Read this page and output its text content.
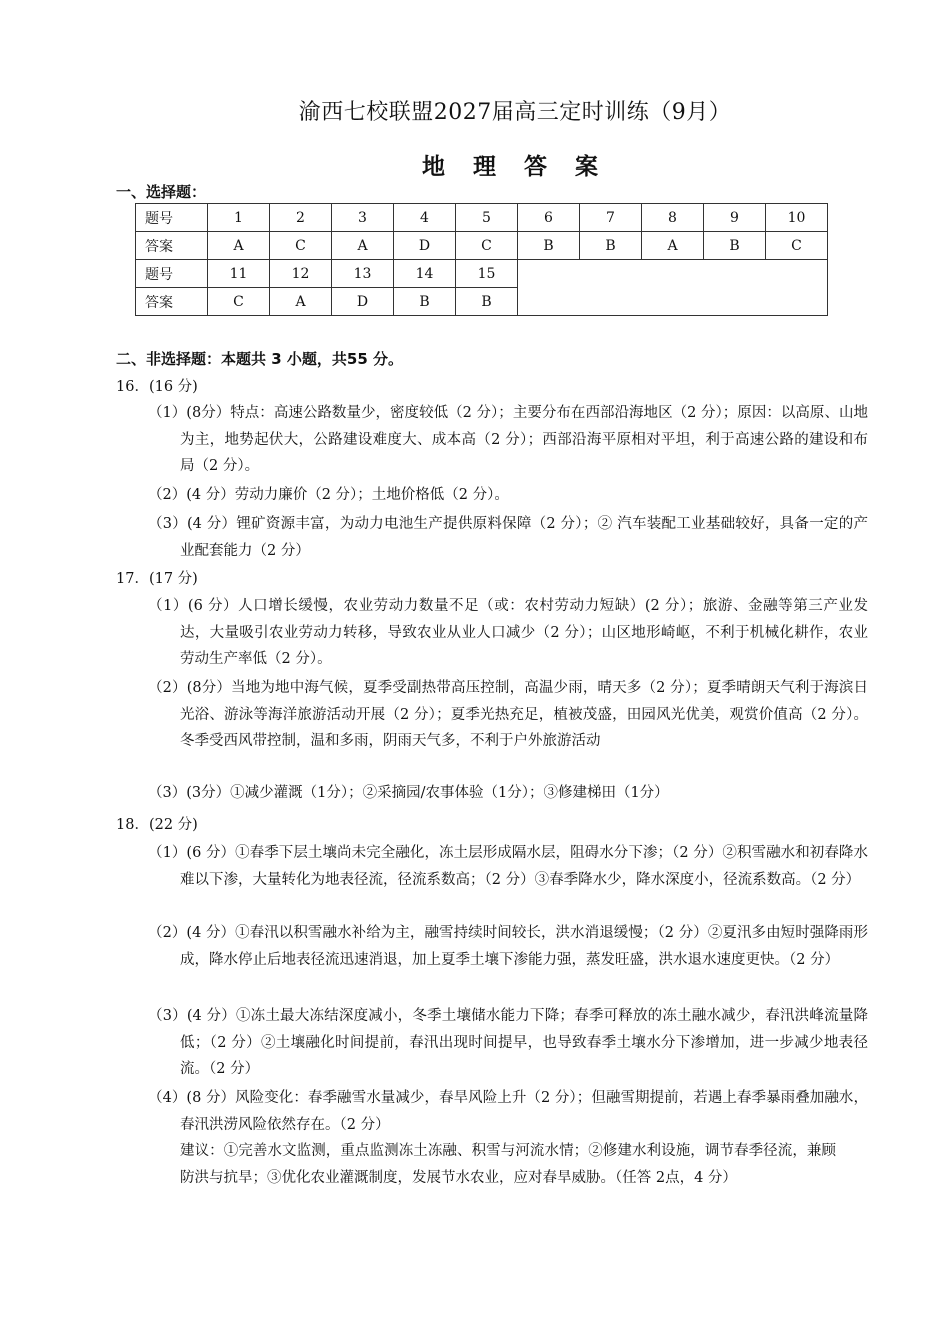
渝西七校联盟2027届高三定时训练（9月）
地 理 答 案
一、选择题：
题号	1	2	3	4	5	6	7	8	9	10
答案	A	C	A	D	C	B	B	A	B	C
题号	11	12	13	14	15					
答案	C	A	D	B	B					
二、非选择题：本题共 3 小题，共55 分。
16．(16 分)
（1）(8分）特点：高速公路数量少，密度较低（2 分）；主要分布在西部沿海地区（2 分）；原因：以高原、山地为主，地势起伏大，公路建设难度大、成本高（2 分）；西部沿海平原相对平坦，利于高速公路的建设和布局（2 分）。
（2）(4 分）劳动力廉价（2 分）；土地价格低（2 分）。
（3）(4 分）锂矿资源丰富，为动力电池生产提供原料保障（2 分）；② 汽车装配工业基础较好，具备一定的产业配套能力（2 分）
17．(17 分)
（1）(6 分）人口增长缓慢，农业劳动力数量不足（或：农村劳动力短缺）(2 分）；旅游、金融等第三产业发达，大量吸引农业劳动力转移，导致农业从业人口减少（2 分）；山区地形崎岖，不利于机械化耕作，农业劳动生产率低（2 分）。
（2）(8分）当地为地中海气候，夏季受副热带高压控制，高温少雨，晴天多（2 分）；夏季晴朗天气利于海滨日光浴、游泳等海洋旅游活动开展（2 分）；夏季光热充足，植被茂盛，田园风光优美，观赏价值高（2 分）。冬季受西风带控制，温和多雨，阴雨天气多，不利于户外旅游活动
（3）(3分）①减少灌溉（1分）；②采摘园/农事体验（1分）；③修建梯田（1分）
18．(22 分)
（1）(6 分）①春季下层土壤尚未完全融化，冻土层形成隔水层，阻碍水分下渗；（2 分）②积雪融水和初春降水难以下渗，大量转化为地表径流，径流系数高；（2 分）③春季降水少，降水深度小，径流系数高。（2 分）
（2）(4 分）①春汛以积雪融水补给为主，融雪持续时间较长，洪水消退缓慢；（2 分）②夏汛多由短时强降雨形成，降水停止后地表径流迅速消退，加上夏季土壤下渗能力强，蒸发旺盛，洪水退水速度更快。（2 分）
（3）(4 分）①冻土最大冻结深度减小，冬季土壤储水能力下降；春季可释放的冻土融水减少，春汛洪峰流量降低；（2 分）②土壤融化时间提前，春汛出现时间提早，也导致春季土壤水分下渗增加，进一步减少地表径流。（2 分）
（4）(8 分）风险变化：春季融雪水量减少，春旱风险上升（2 分）；但融雪期提前，若遇上春季暴雨叠加融水，春汛洪涝风险依然存在。（2 分）
建议：①完善水文监测，重点监测冻土冻融、积雪与河流水情；②修建水利设施，调节春季径流，兼顾防洪与抗旱；③优化农业灌溉制度，发展节水农业，应对春旱威胁。（任答 2点，4 分）
